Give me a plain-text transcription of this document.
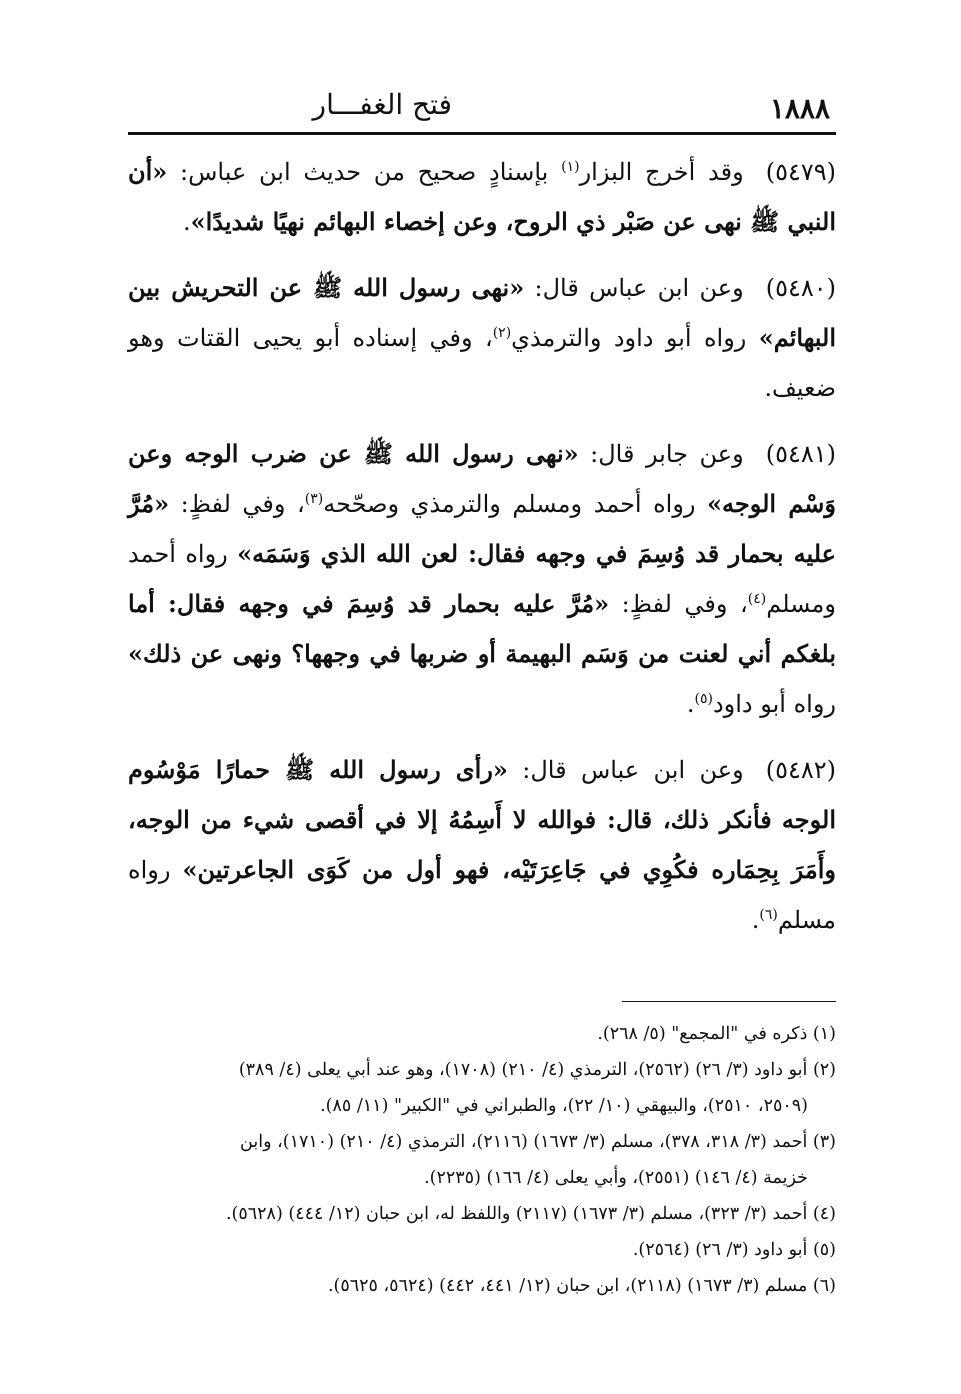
١٨٨٨
فتح الغفـــار

(٥٤٧٩)وقد أخرج البزار$^{(١)}$ بإسنادٍ صحيح من حديث ابن عباس: «أن النبي ﷺ نهى عن صَبْر ذي الروح، وعن إخصاء البهائم نهيًا شديدًا».

(٥٤٨٠)وعن ابن عباس قال: «نهى رسول الله ﷺ عن التحريش بين البهائم» رواه أبو داود والترمذي$^{(٢)}$، وفي إسناده أبو يحيى القتات وهو ضعيف.

(٥٤٨١)وعن جابر قال: «نهى رسول الله ﷺ عن ضرب الوجه وعن وَسْم الوجه» رواه أحمد ومسلم والترمذي وصحّحه$^{(٣)}$، وفي لفظٍ: «مُرَّ عليه بحمار قد وُسِمَ في وجهه فقال: لعن الله الذي وَسَمَه» رواه أحمد ومسلم$^{(٤)}$، وفي لفظٍ: «مُرَّ عليه بحمار قد وُسِمَ في وجهه فقال: أما بلغكم أني لعنت من وَسَم البهيمة أو ضربها في وجهها؟ ونهى عن ذلك» رواه أبو داود$^{(٥)}$.

(٥٤٨٢)وعن ابن عباس قال: «رأى رسول الله ﷺ حمارًا مَوْسُوم الوجه فأنكر ذلك، قال: فوالله لا أَسِمُهُ إلا في أقصى شيء من الوجه، وأَمَرَ بِحِمَاره فكُوِي في جَاعِرَتَيْه، فهو أول من كَوَى الجاعرتين» رواه مسلم$^{(٦)}$.

(١) ذكره في "المجمع" (٥/ ٢٦٨).

(٢) أبو داود (٣/ ٢٦) (٢٥٦٢)، الترمذي (٤/ ٢١٠) (١٧٠٨)، وهو عند أبي يعلى (٤/ ٣٨٩)
(٢٥٠٩، ٢٥١٠)، والبيهقي (١٠/ ٢٢)، والطبراني في "الكبير" (١١/ ٨٥).

(٣) أحمد (٣/ ٣١٨، ٣٧٨)، مسلم (٣/ ١٦٧٣) (٢١١٦)، الترمذي (٤/ ٢١٠) (١٧١٠)، وابن
خزيمة (٤/ ١٤٦) (٢٥٥١)، وأبي يعلى (٤/ ١٦٦) (٢٢٣٥).

(٤) أحمد (٣/ ٣٢٣)، مسلم (٣/ ١٦٧٣) (٢١١٧) واللفظ له، ابن حبان (١٢/ ٤٤٤) (٥٦٢٨).

(٥) أبو داود (٣/ ٢٦) (٢٥٦٤).

(٦) مسلم (٣/ ١٦٧٣) (٢١١٨)، ابن حبان (١٢/ ٤٤١، ٤٤٢) (٥٦٢٤، ٥٦٢٥).
